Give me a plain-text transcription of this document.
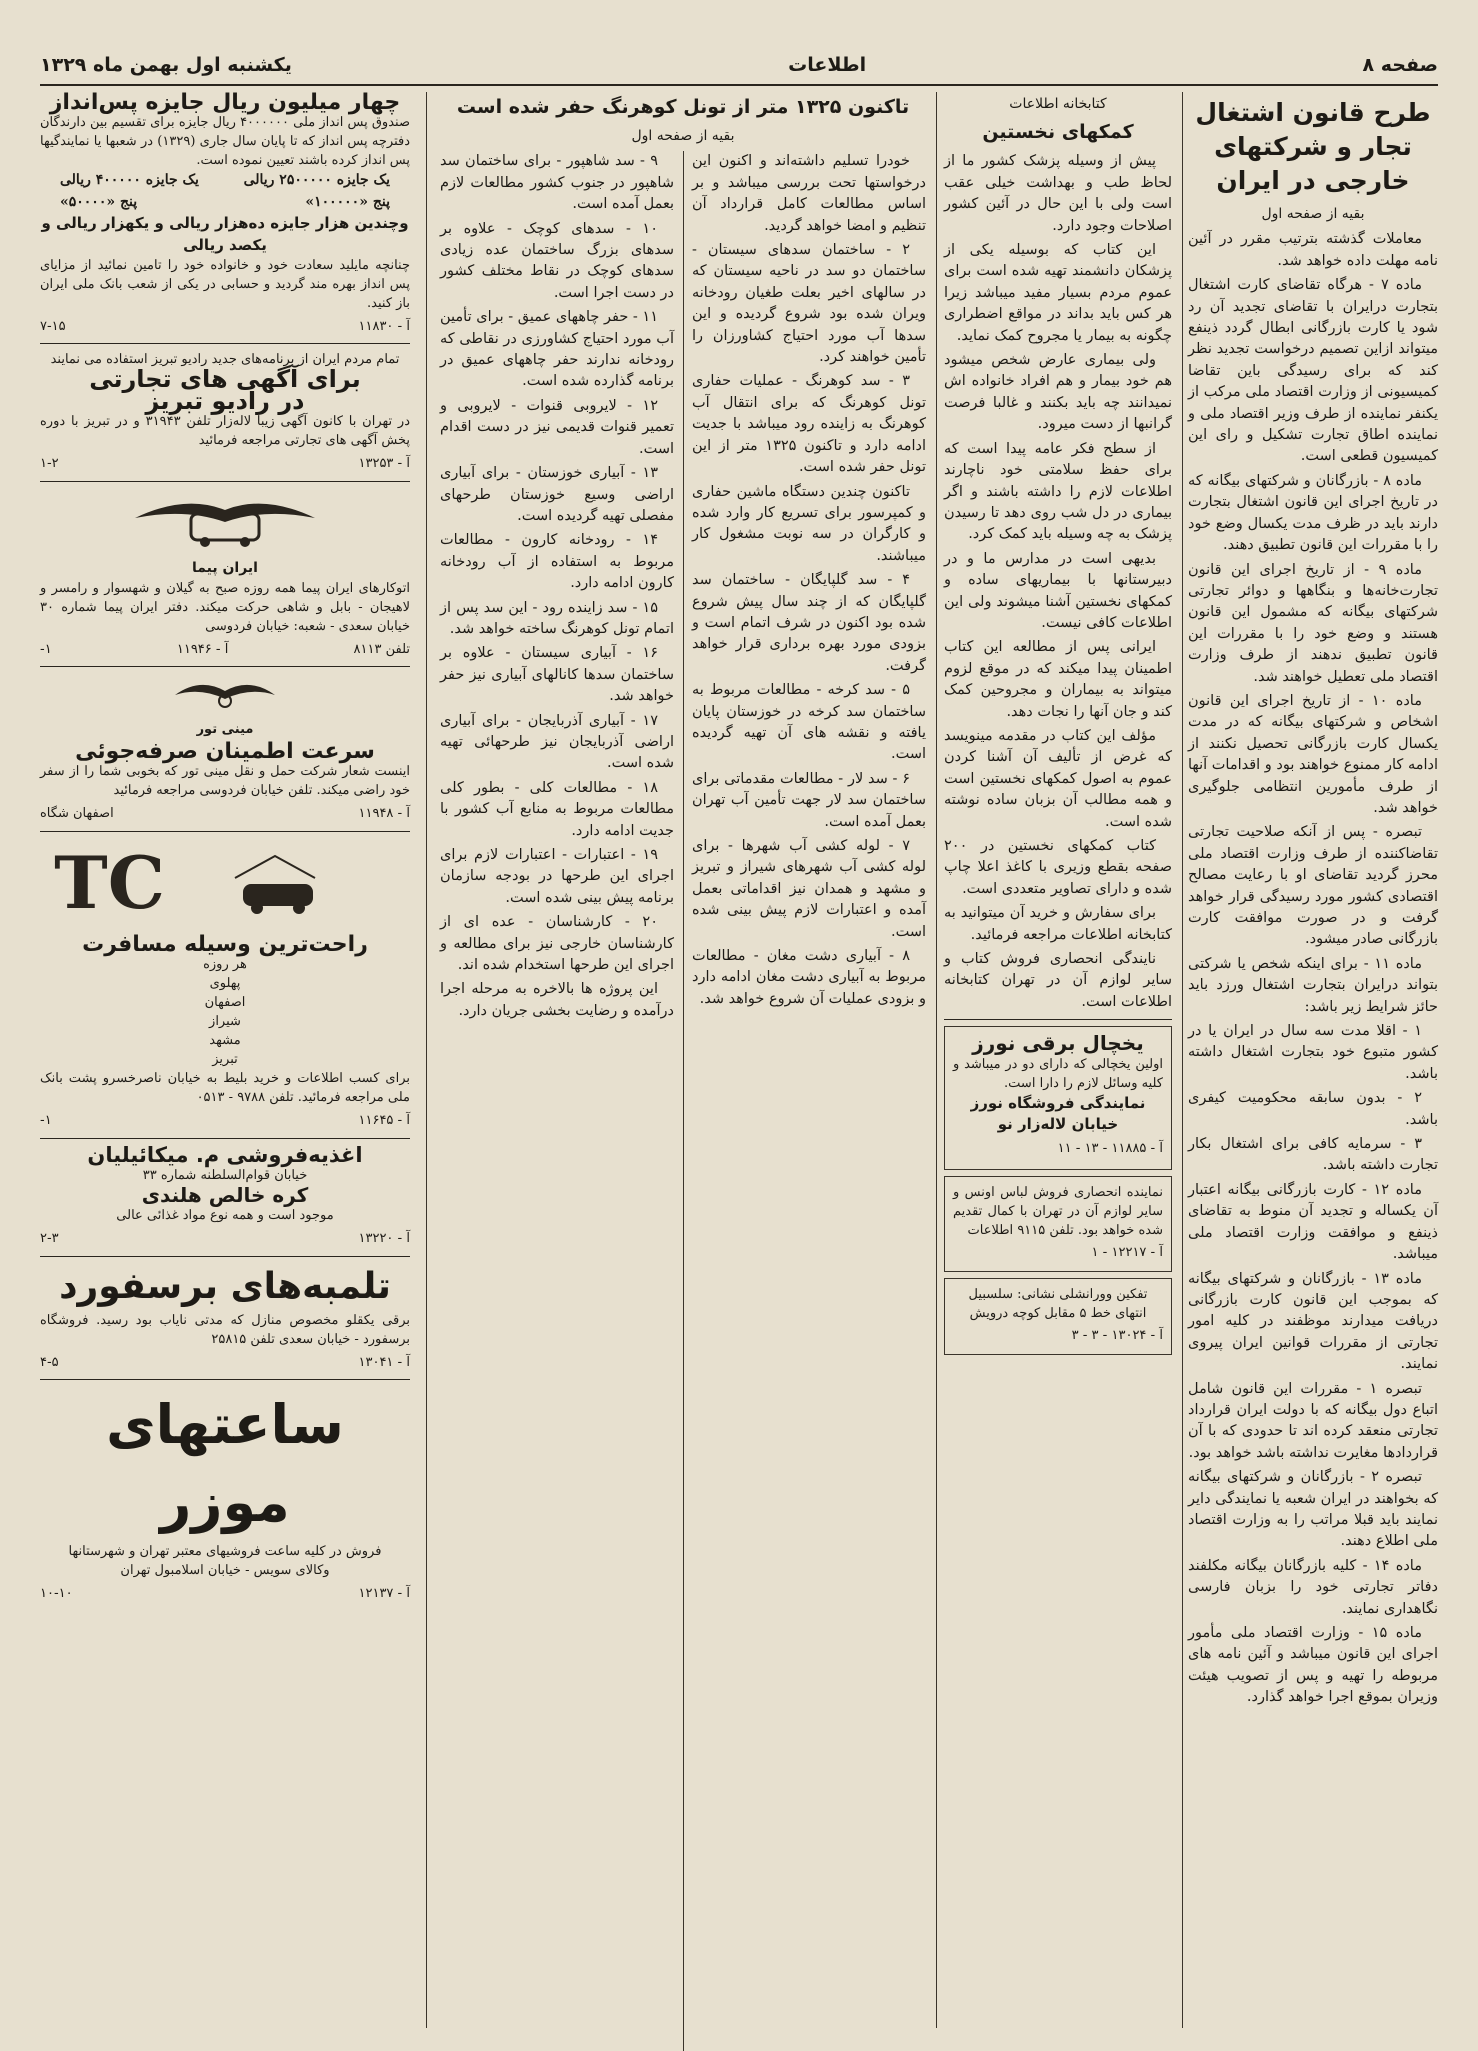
صفحه ۸
اطلاعات
یکشنبه اول بهمن ماه ۱۳۲۹
طرح قانون اشتغال تجار و شرکتهای خارجی در ایران
بقیه از صفحه اول

معاملات گذشته بترتیب مقرر در آئین نامه مهلت داده خواهد شد.

ماده ۷ - هرگاه تقاضای کارت اشتغال بتجارت درایران با تقاضای تجدید آن رد شود یا کارت بازرگانی ابطال گردد ذینفع میتواند ازاین تصمیم درخواست تجدید نظر کند که برای رسیدگی باین تقاضا کمیسیونی از وزارت اقتصاد ملی مرکب از یکنفر نماینده از طرف وزیر اقتصاد ملی و نماینده اطاق تجارت تشکیل و رای این کمیسیون قطعی است.

ماده ۸ - بازرگانان و شرکتهای بیگانه که در تاریخ اجرای این قانون اشتغال بتجارت دارند باید در ظرف مدت یکسال وضع خود را با مقررات این قانون تطبیق دهند.

ماده ۹ - از تاریخ اجرای این قانون تجارت‌خانه‌ها و بنگاهها و دوائر تجارتی شرکتهای بیگانه که مشمول این قانون هستند و وضع خود را با مقررات این قانون تطبیق ندهند از طرف وزارت اقتصاد ملی تعطیل خواهند شد.

ماده ۱۰ - از تاریخ اجرای این قانون اشخاص و شرکتهای بیگانه که در مدت یکسال کارت بازرگانی تحصیل نکنند از ادامه کار ممنوع خواهند بود و اقدامات آنها از طرف مأمورین انتظامی جلوگیری خواهد شد.

تبصره - پس از آنکه صلاحیت تجارتی تقاضاکننده از طرف وزارت اقتصاد ملی محرز گردید تقاضای او با رعایت مصالح اقتصادی کشور مورد رسیدگی قرار خواهد گرفت و در صورت موافقت کارت بازرگانی صادر میشود.

ماده ۱۱ - برای اینکه شخص یا شرکتی بتواند درایران بتجارت اشتغال ورزد باید حائز شرایط زیر باشد:

۱ - اقلا مدت سه سال در ایران یا در کشور متبوع خود بتجارت اشتغال داشته باشد.

۲ - بدون سابقه محکومیت کیفری باشد.

۳ - سرمایه کافی برای اشتغال بکار تجارت داشته باشد.

ماده ۱۲ - کارت بازرگانی بیگانه اعتبار آن یکساله و تجدید آن منوط به تقاضای ذینفع و موافقت وزارت اقتصاد ملی میباشد.

ماده ۱۳ - بازرگانان و شرکتهای بیگانه که بموجب این قانون کارت بازرگانی دریافت میدارند موظفند در کلیه امور تجارتی از مقررات قوانین ایران پیروی نمایند.

تبصره ۱ - مقررات این قانون شامل اتباع دول بیگانه که با دولت ایران قرارداد تجارتی منعقد کرده اند تا حدودی که با آن قراردادها مغایرت نداشته باشد خواهد بود.

تبصره ۲ - بازرگانان و شرکتهای بیگانه که بخواهند در ایران شعبه یا نمایندگی دایر نمایند باید قبلا مراتب را به وزارت اقتصاد ملی اطلاع دهند.

ماده ۱۴ - کلیه بازرگانان بیگانه مکلفند دفاتر تجارتی خود را بزبان فارسی نگاهداری نمایند.

ماده ۱۵ - وزارت اقتصاد ملی مأمور اجرای این قانون میباشد و آئین نامه های مربوطه را تهیه و پس از تصویب هیئت وزیران بموقع اجرا خواهد گذارد.

کتابخانه اطلاعات
کمکهای نخستین

پیش از وسیله‌ پزشک کشور ما از لحاظ طب و بهداشت خیلی عقب است ولی با این حال در آئین کشور اصلاحات وجود دارد.

این کتاب که بوسیله یکی از پزشکان دانشمند تهیه شده است برای عموم مردم بسیار مفید میباشد زیرا هر کس باید بداند در مواقع اضطراری چگونه به بیمار یا مجروح کمک نماید.

ولی بیماری عارض شخص میشود هم خود بیمار و هم افراد خانواده اش نمیدانند چه باید بکنند و غالبا فرصت گرانبها از دست میرود.

از سطح فکر عامه پیدا است که برای حفظ سلامتی خود ناچارند اطلاعات لازم را داشته باشند و اگر بیماری در دل شب روی دهد تا رسیدن پزشک به چه وسیله باید کمک کرد.

بدیهی است در مدارس ما و در دبیرستانها با بیماریهای ساده و کمکهای نخستین آشنا میشوند ولی این اطلاعات کافی نیست.

ایرانی پس از مطالعه این کتاب اطمینان پیدا میکند که در موقع لزوم میتواند به بیماران و مجروحین کمک کند و جان آنها را نجات دهد.

مؤلف این کتاب در مقدمه مینویسد که غرض از تألیف آن آشنا کردن عموم به اصول کمکهای نخستین است و همه مطالب آن بزبان ساده نوشته شده است.

کتاب کمکهای نخستین در ۲۰۰ صفحه بقطع وزیری با کاغذ اعلا چاپ شده و دارای تصاویر متعددی است.

برای سفارش و خرید آن میتوانید به کتابخانه اطلاعات مراجعه فرمائید.

نایندگی انحصاری فروش کتاب و سایر لوازم آن در تهران کتابخانه اطلاعات است.

یخچال برقی نورز
اولین یخچالی که دارای دو در میباشد و کلیه وسائل لازم را دارا است.
نمایندگی فروشگاه نورز خیابان لاله‌زار نو
آ - ۱۱۸۸۵ - ۱۳ - ۱۱
نماینده انحصاری فروش لباس اونس و سایر لوازم آن در تهران با کمال تقدیم شده خواهد بود. تلفن ۹۱۱۵ اطلاعات
آ - ۱۲۲۱۷ - ۱
تفکین وورانشلی نشانی: سلسبیل انتهای خط ۵ مقابل کوچه درویش
آ - ۱۳۰۲۴ - ۳ - ۳
تاکنون ۱۳۲۵ متر از تونل کوهرنگ حفر شده است
بقیه از صفحه اول

خودرا تسلیم داشته‌اند و اکنون این درخواستها تحت بررسی میباشد و بر اساس مطالعات کامل قرارداد آن تنظیم و امضا خواهد گردید.

۲ - ساختمان سدهای سیستان - ساختمان دو سد در ناحیه سیستان که در سالهای اخیر بعلت طغیان رودخانه ویران شده بود شروع گردیده و این سدها آب مورد احتیاج کشاورزان را تأمین خواهند کرد.

۳ - سد کوهرنگ - عملیات حفاری تونل کوهرنگ که برای انتقال آب کوهرنگ به زاینده رود میباشد با جدیت ادامه دارد و تاکنون ۱۳۲۵ متر از این تونل حفر شده است.

تاکنون چندین دستگاه ماشین حفاری و کمپرسور برای تسریع کار وارد شده و کارگران در سه نوبت مشغول کار میباشند.

۴ - سد گلپایگان - ساختمان سد گلپایگان که از چند سال پیش شروع شده بود اکنون در شرف اتمام است و بزودی مورد بهره برداری قرار خواهد گرفت.

۵ - سد کرخه - مطالعات مربوط به ساختمان سد کرخه در خوزستان پایان یافته و نقشه های آن تهیه گردیده است.

۶ - سد لار - مطالعات مقدماتی برای ساختمان سد لار جهت تأمین آب تهران بعمل آمده است.

۷ - لوله کشی آب شهرها - برای لوله کشی آب شهرهای شیراز و تبریز و مشهد و همدان نیز اقداماتی بعمل آمده و اعتبارات لازم پیش بینی شده است.

۸ - آبیاری دشت مغان - مطالعات مربوط به آبیاری دشت مغان ادامه دارد و بزودی عملیات آن شروع خواهد شد.

۹ - سد شاهپور - برای ساختمان سد شاهپور در جنوب کشور مطالعات لازم بعمل آمده است.

۱۰ - سدهای کوچک - علاوه بر سدهای بزرگ ساختمان عده زیادی سدهای کوچک در نقاط مختلف کشور در دست اجرا است.

۱۱ - حفر چاههای عمیق - برای تأمین آب مورد احتیاج کشاورزی در نقاطی که رودخانه ندارند حفر چاههای عمیق در برنامه گذارده شده است.

۱۲ - لایروبی قنوات - لایروبی و تعمیر قنوات قدیمی نیز در دست اقدام است.

۱۳ - آبیاری خوزستان - برای آبیاری اراضی وسیع خوزستان طرحهای مفصلی تهیه گردیده است.

۱۴ - رودخانه کارون - مطالعات مربوط به استفاده از آب رودخانه کارون ادامه دارد.

۱۵ - سد زاینده رود - این سد پس از اتمام تونل کوهرنگ ساخته خواهد شد.

۱۶ - آبیاری سیستان - علاوه بر ساختمان سدها کانالهای آبیاری نیز حفر خواهد شد.

۱۷ - آبیاری آذربایجان - برای آبیاری اراضی آذربایجان نیز طرحهائی تهیه شده است.

۱۸ - مطالعات کلی - بطور کلی مطالعات مربوط به منابع آب کشور با جدیت ادامه دارد.

۱۹ - اعتبارات - اعتبارات لازم برای اجرای این طرحها در بودجه سازمان برنامه پیش بینی شده است.

۲۰ - کارشناسان - عده ای از کارشناسان خارجی نیز برای مطالعه و اجرای این طرحها استخدام شده اند.

این پروژه ها بالاخره به مرحله اجرا درآمده و رضایت بخشی جریان دارد.

چهار میلیون ریال جایزه پس‌انداز
صندوق پس انداز ملی ۴۰۰۰۰۰۰ ریال جایزه برای تقسیم بین دارندگان دفترچه پس انداز که تا پایان سال جاری (۱۳۲۹) در شعبها یا نمایندگیها پس انداز کرده باشند تعیین نموده است.
یک جایزه ۲۵۰۰۰۰۰ ریالی
یک جایزه ۴۰۰۰۰۰ ریالی
پنج «۱۰۰۰۰۰»
پنج «۵۰۰۰۰»
وچندین هزار جایزه ده‌هزار ریالی و یکهزار ریالی و یکصد ریالی
چنانچه مایلید سعادت خود و خانواده خود را تامین نمائید از مزایای پس انداز بهره مند گردید و حسابی در یکی از شعب بانک ملی ایران باز کنید.
آ - ۱۱۸۳۰
۷-۱۵
تمام مردم ایران از برنامه‌های جدید رادیو تبریز استفاده می نمایند
برای آگهی های تجارتی
در رادیو تبریز
در تهران با کانون آگهی زیبا لاله‌زار تلفن ۳۱۹۴۳ و در تبریز با دوره پخش آگهی های تجارتی مراجعه فرمائید
آ - ۱۳۲۵۳
۱-۲
ایران پیما
اتوکارهای ایران پیما همه روزه صبح به گیلان و شهسوار و رامسر و لاهیجان - بابل و شاهی حرکت میکند. دفتر ایران پیما شماره ۳۰ خیابان سعدی - شعبه: خیابان فردوسی
تلفن ۸۱۱۳
آ - ۱۱۹۴۶
۱-
مینی تور
سرعت اطمینان صرفه‌جوئی
اینست شعار شرکت حمل و نقل مینی تور که بخوبی شما را از سفر خود راضی میکند. تلفن خیابان فردوسی مراجعه فرمائید
آ - ۱۱۹۴۸
اصفهان شگاه
TC
راحت‌ترین وسیله مسافرت
هر روزه
پهلوی
اصفهان
شیراز
مشهد
تبریز
برای کسب اطلاعات و خرید بلیط به خیابان ناصرخسرو پشت بانک ملی مراجعه فرمائید. تلفن ۹۷۸۸ - ۰۵۱۳
آ - ۱۱۶۴۵
۱-
اغذیه‌فروشی م. میکائیلیان
خیابان قوام‌السلطنه شماره ۳۳
کره خالص هلندی
موجود است و همه نوع مواد غذائی عالی
آ - ۱۳۲۲۰
۲-۳
تلمبه‌های برسفورد
برقی یکقلو مخصوص منازل که مدتی نایاب بود رسید. فروشگاه برسفورد - خیابان سعدی تلفن ۲۵۸۱۵
آ - ۱۳۰۴۱
۴-۵
ساعتهای موزر
فروش در کلیه ساعت فروشیهای معتبر تهران و شهرستانها
وکالای سویس - خیابان اسلامبول تهران
آ - ۱۲۱۳۷
۱۰-۱۰
